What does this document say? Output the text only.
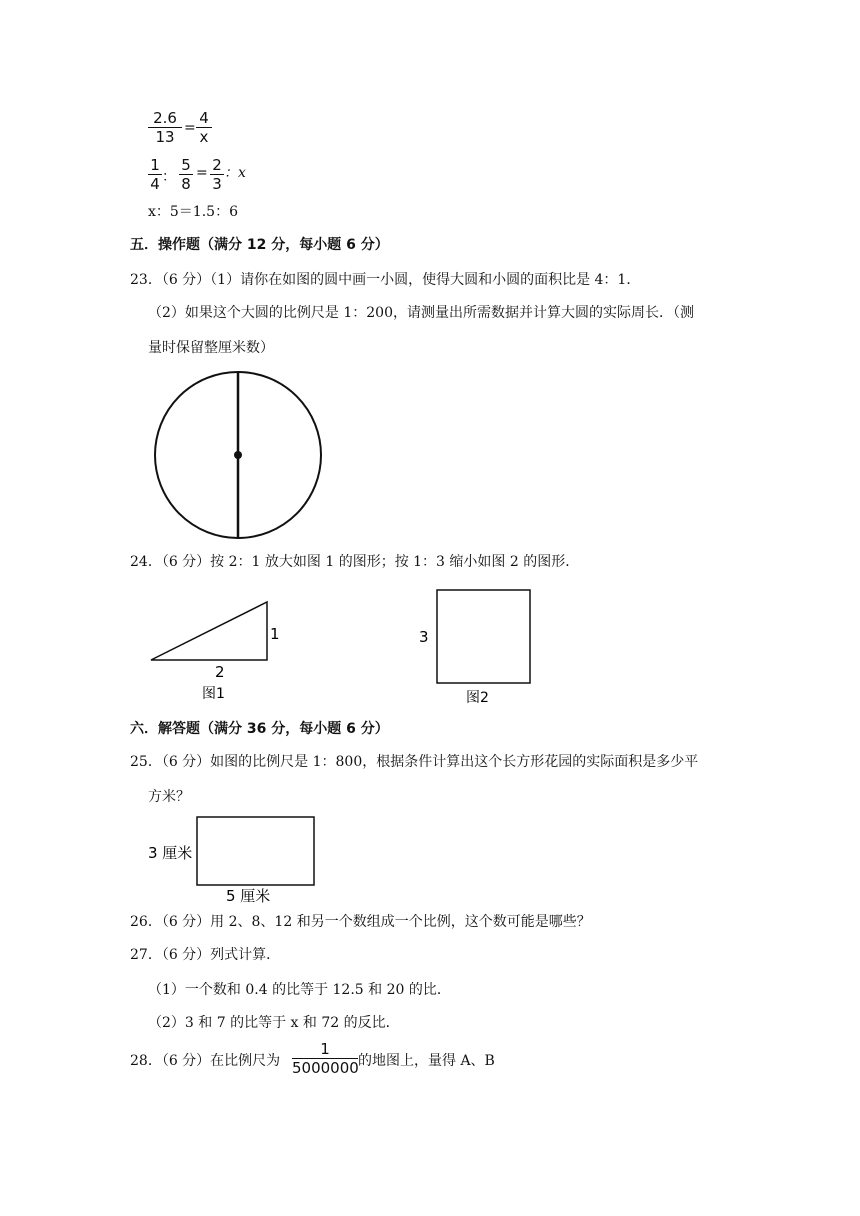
2.6
13 =
4
x
1
4 ：
5
8
= 2
3
：x
x：5＝1.5：6
五．操作题（满分 12 分，每小题 6 分）
23．（6 分）（1）请你在如图的圆中画一小圆，使得大圆和小圆的面积比是 4：1．
（2）如果这个大圆的比例尺是 1：200，请测量出所需数据并计算大圆的实际周长．（测
量时保留整厘米数）
24．（6 分）按 2：1 放大如图 1 的图形；按 1：3 缩小如图 2 的图形．
1
2
图1
3
图2
六．解答题（满分 36 分，每小题 6 分）
25．（6 分）如图的比例尺是 1：800，根据条件计算出这个长方形花园的实际面积是多少平
方米？
3 厘米
5 厘米
26．（6 分）用 2、8、12 和另一个数组成一个比例，这个数可能是哪些？
27．（6 分）列式计算．
（1）一个数和 0.4 的比等于 12.5 和 20 的比．
（2）3 和 7 的比等于 x 和 72 的反比．
28．（6 分）在比例尺为
1
5000000 的地图上，量得 A、B
